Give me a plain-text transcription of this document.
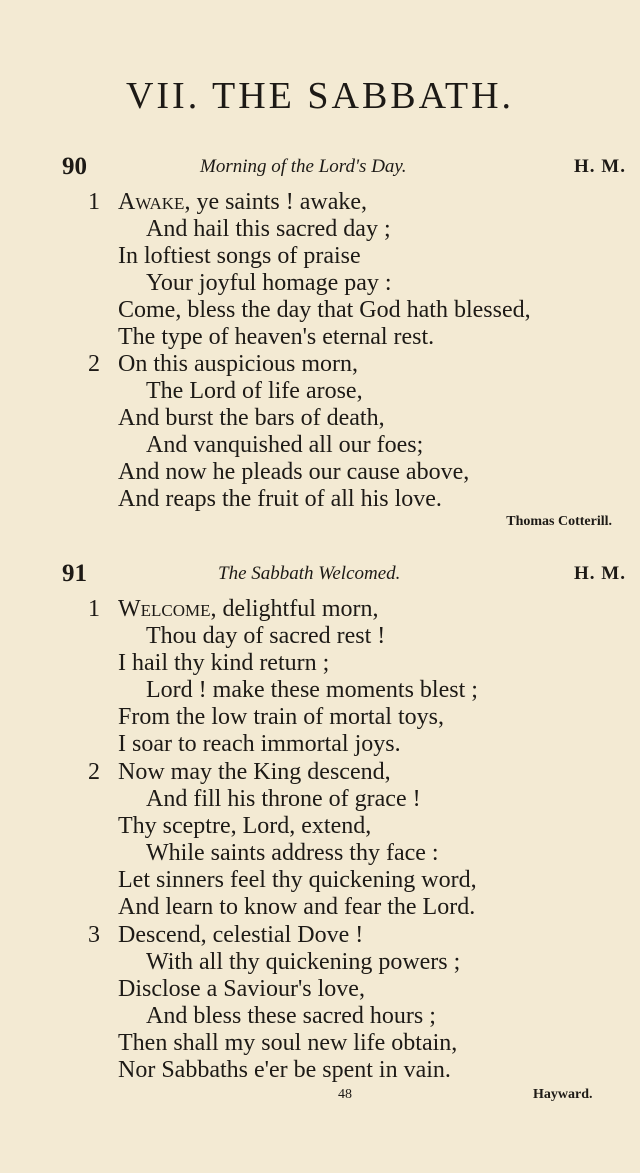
VII. THE SABBATH.
90	Morning of the Lord's Day.	H. M.
1 Awake, ye saints ! awake,
And hail this sacred day ;
In loftiest songs of praise
Your joyful homage pay :
Come, bless the day that God hath blessed,
The type of heaven's eternal rest.
2 On this auspicious morn,
The Lord of life arose,
And burst the bars of death,
And vanquished all our foes;
And now he pleads our cause above,
And reaps the fruit of all his love.
Thomas Cotterill.
91	The Sabbath Welcomed.	H. M.
1 Welcome, delightful morn,
Thou day of sacred rest !
I hail thy kind return ;
Lord ! make these moments blest ;
From the low train of mortal toys,
I soar to reach immortal joys.
2 Now may the King descend,
And fill his throne of grace !
Thy sceptre, Lord, extend,
While saints address thy face :
Let sinners feel thy quickening word,
And learn to know and fear the Lord.
3 Descend, celestial Dove !
With all thy quickening powers ;
Disclose a Saviour's love,
And bless these sacred hours ;
Then shall my soul new life obtain,
Nor Sabbaths e'er be spent in vain.
48	Hayward.
